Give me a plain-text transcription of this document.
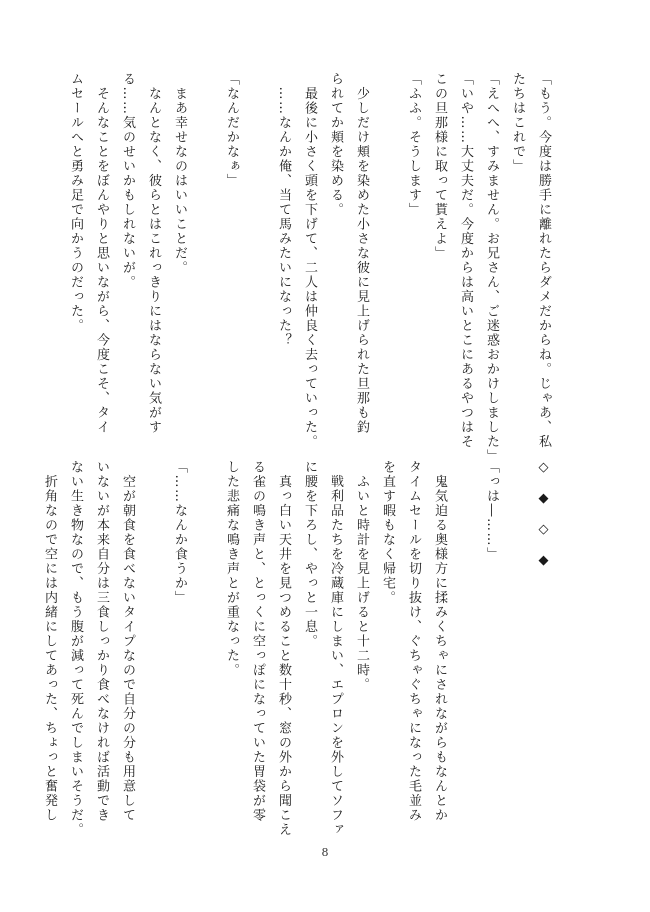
「もう。今度は勝手に離れたらダメだからね。じゃあ、私
たちはこれで」
「えへへ、すみません。お兄さん、ご迷惑おかけしました」
「いや……大丈夫だ。今度からは高いとこにあるやつはそ
この旦那様に取って貰えよ」
「ふふ。そうします」

　少しだけ頬を染めた小さな彼に見上げられた旦那も釣
られてか頬を染める。
　最後に小さく頭を下げて、二人は仲良く去っていった。
　……なんか俺、当て馬みたいになった？

「なんだかなぁ」

　まあ幸せなのはいいことだ。
　なんとなく、彼らとはこれっきりにはならない気がす
る……気のせいかもしれないが。
　そんなことをぼんやりと思いながら、今度こそ、タイ
ムセールへと勇み足で向かうのだった。
◇　◆　◇　◆

「っは―……」

　鬼気迫る奥様方に揉みくちゃにされながらもなんとか
タイムセールを切り抜け、ぐちゃぐちゃになった毛並み
を直す暇もなく帰宅。
　ふいと時計を見上げると十二時。
　戦利品たちを冷蔵庫にしまい、エプロンを外してソファ
に腰を下ろし、やっと一息。
　真っ白い天井を見つめること数十秒、窓の外から聞こえ
る雀の鳴き声と、とっくに空っぽになっていた胃袋が零
した悲痛な鳴き声とが重なった。

「……なんか食うか」

　空が朝食を食べないタイプなので自分の分も用意して
いないが本来自分は三食しっかり食べなければ活動でき
ない生き物なので、もう腹が減って死んでしまいそうだ。
　折角なので空には内緒にしてあった、ちょっと奮発し
8
